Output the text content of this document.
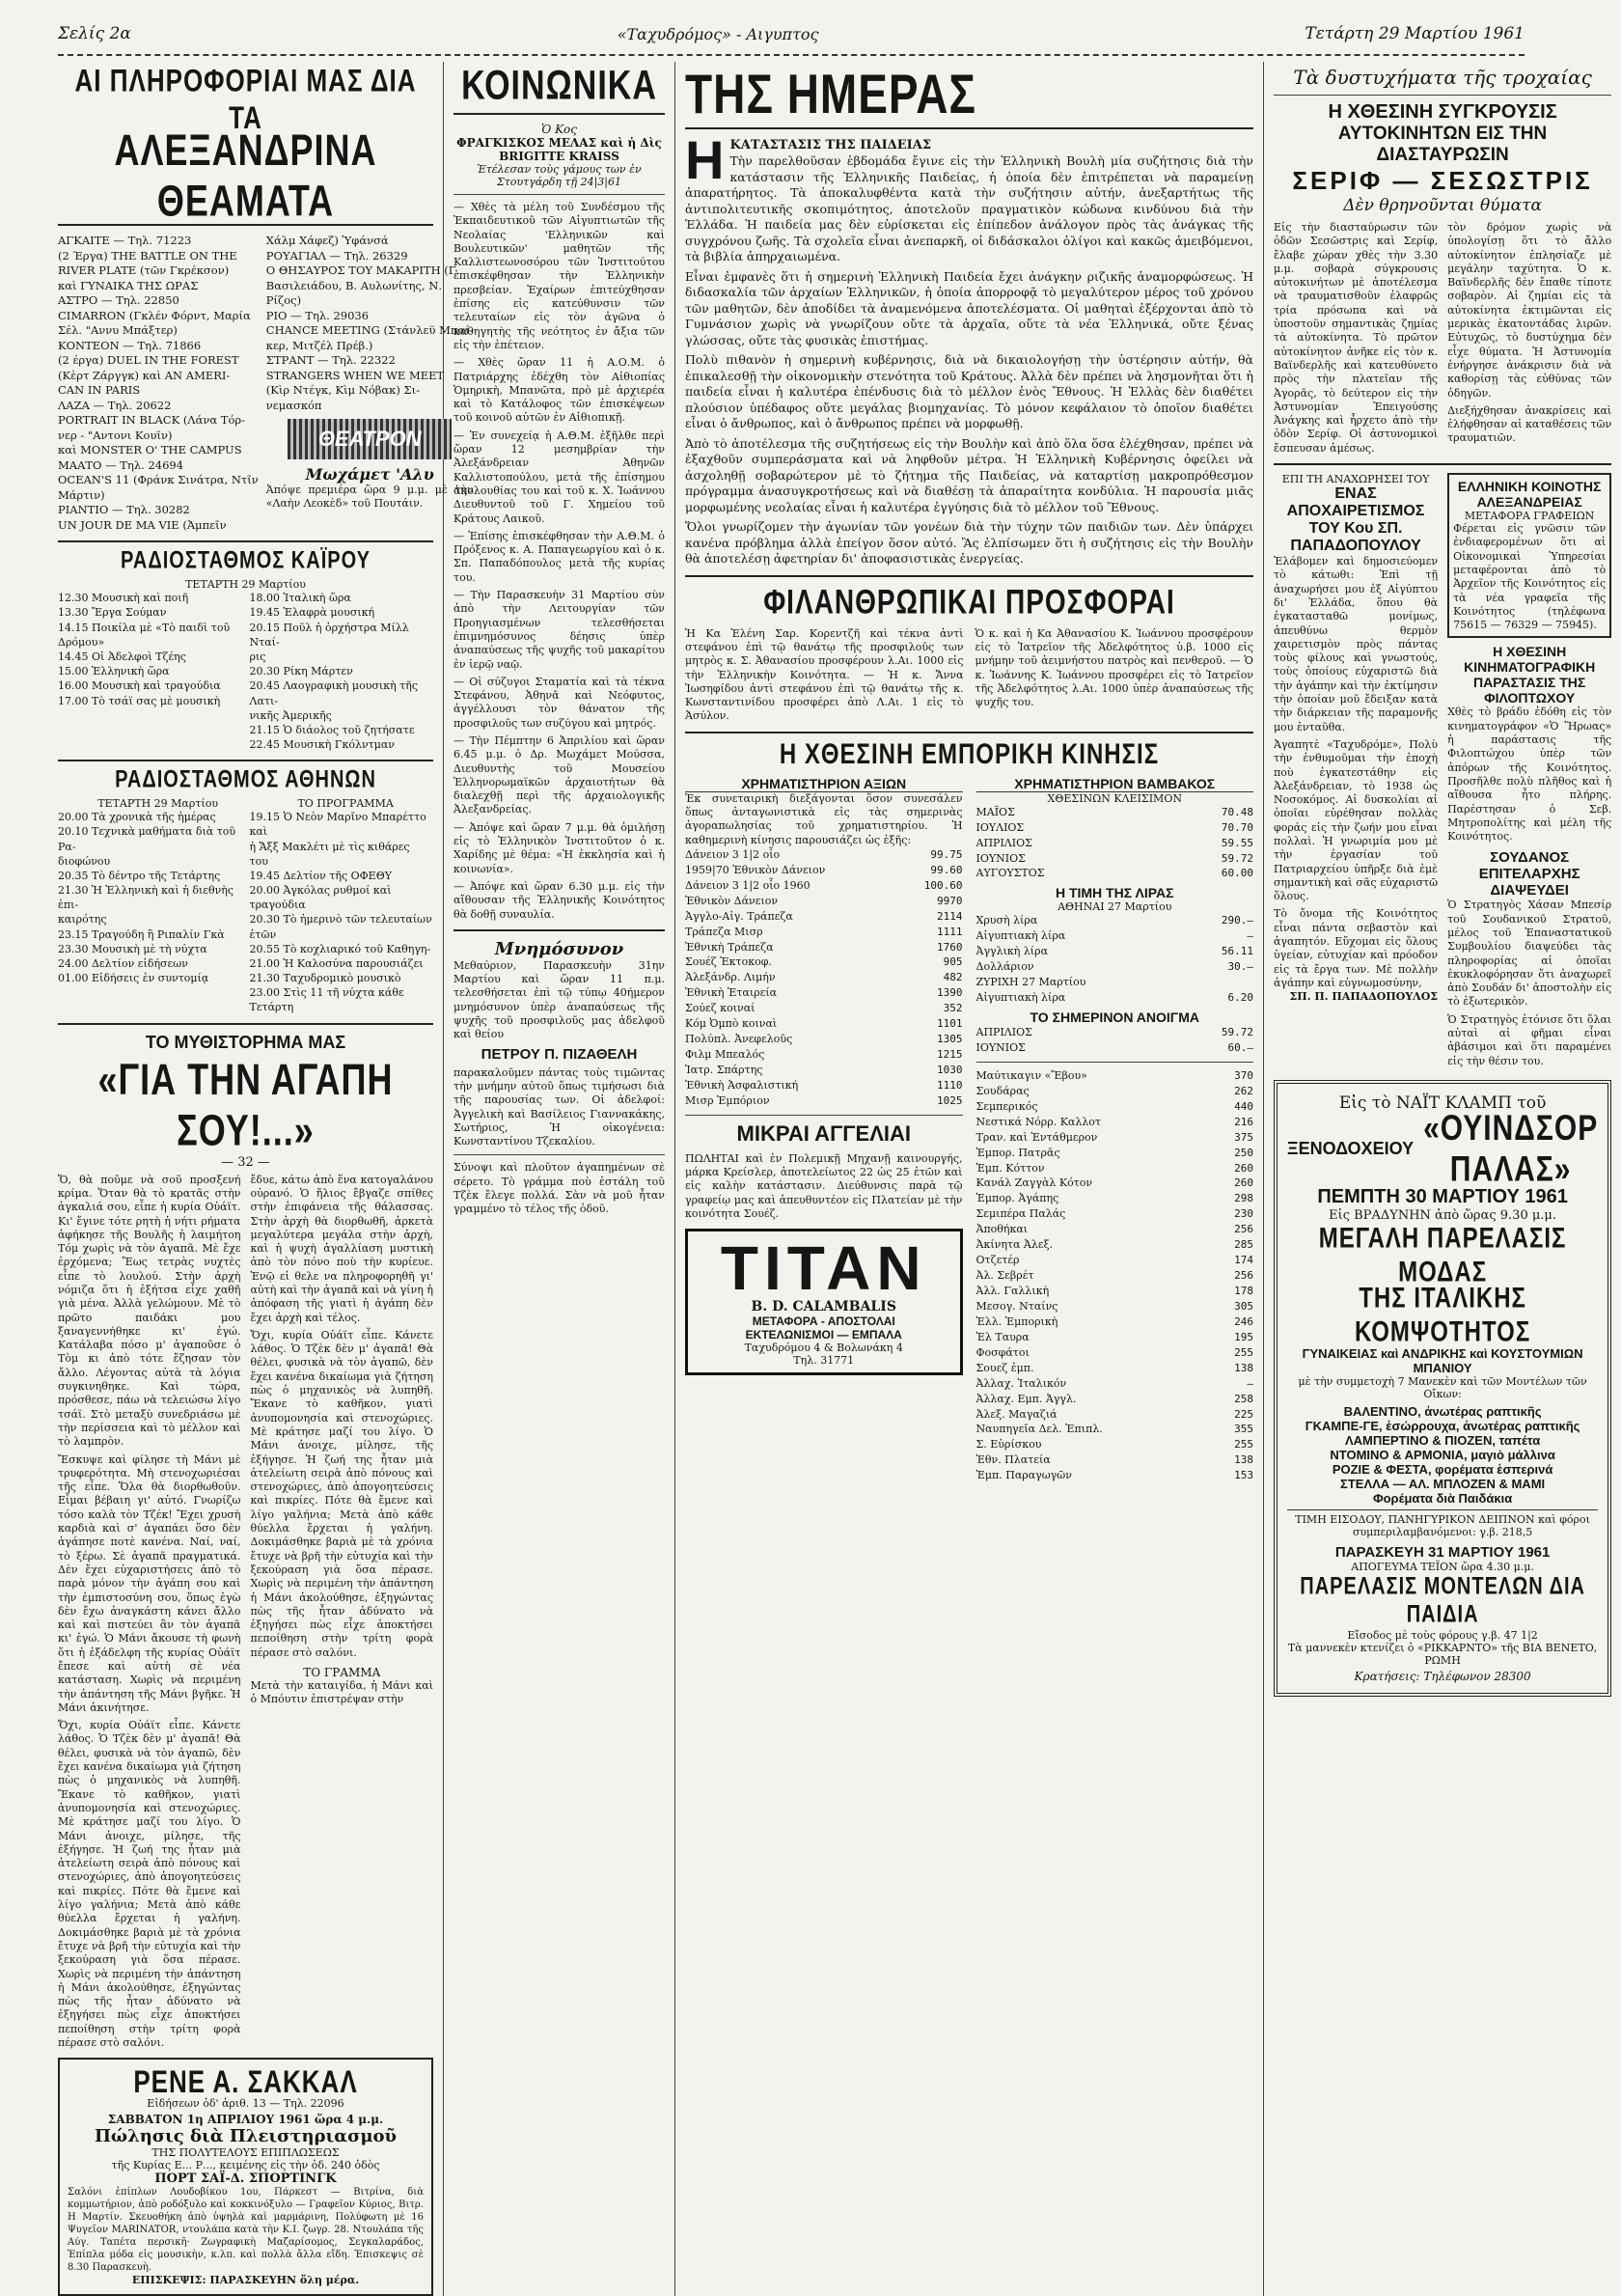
Σελίς 2α	«Ταχυδρόμος» - Αιγυπτος	Τετάρτη 29 Μαρτίου 1961
ΑΙ ΠΛΗΡΟΦΟΡΙΑΙ ΜΑΣ ΔΙΑ ΤΑ
ΑΛΕΞΑΝΔΡΙΝΑ ΘΕΑΜΑΤΑ
ΑΓΚΑΙΤΕ — Τηλ. 71223
(2 Έργα) THE BATTLE ON THE
RIVER PLATE (τῶν Γκρέκσον)
καὶ ΓΥΝΑΙΚΑ ΤΗΣ ΩΡΑΣ
ΑΣΤΡΟ — Τηλ. 22850
CIMARRON (Γκλέν Φόρντ, Μαρία
Σέλ. "Αννυ Μπάξτερ)
ΚΟΝΤΕΟΝ — Τηλ. 71866
(2 έργα) DUEL IN THE FOREST
(Κὲρτ Ζάργγκ) καὶ AN AMERI-
CAN IN PARIS
ΛΑΖΑ — Τηλ. 20622
PORTRAIT IN BLACK (Λάνα Τόρ-
νερ - "Αντονι Κουϊν)
καὶ MONSTER O' THE CAMPUS
ΜΑΑΤΟ — Τηλ. 24694
OCEAN'S 11 (Φράνκ Σινάτρα, Ντῖν
Μάρτιν)
ΡΙΑΝΤΙΟ — Τηλ. 30282
UN JOUR DE MA VIE (Ἀμπεῖν
Χάλμ Χάφεζ) Ὑφάνσά
ΡΟΥΑΓΙΑΛ — Τηλ. 26329
Ο ΘΗΣΑΥΡΟΣ ΤΟΥ ΜΑΚΑΡΙΤΗ (Γ.
Βασιλειάδου, Β. Αυλωνίτης, Ν.
Ρίζος)
ΡΙΟ — Τηλ. 29036
CHANCE MEETING (Στάνλεϋ Μπαί-
κερ, Μιτζέλ Πρέβ.)
ΣΤΡΑΝΤ — Τηλ. 22322
STRANGERS WHEN WE MEET
(Κὶρ Ντέγκ, Κὶμ Νόβακ) Σι-
νεμασκόπ
ΘΕΑΤΡΟΝ
Μωχάμετ 'Αλυ
Ἀπόψε πρεμιέρα ὥρα 9 μ.μ. μὲ τὴν «Λαὴν Λεοκὲδ» τοῦ Πουτάιν.
ΡΑΔΙΟΣΤΑΘΜΟΣ ΚΑΪΡΟΥ
ΤΕΤΑΡΤΗ 29 Μαρτίου
12.30 Μουσικὴ καὶ ποιῆ
13.30 Ἔργα Σούμαν
14.15 Ποικίλα μὲ «Τὸ παιδὶ τοῦ
Δρόμου»
14.45 Οἱ Ἀδελφοὶ Τζέης
15.00 Ἑλληνικὴ ὥρα
16.00 Μουσικὴ καὶ τραγούδια
17.00 Τὸ τσάϊ σας μὲ μουσικὴ
18.00 Ἰταλικὴ ὥρα
19.45 Ἐλαφρὰ μουσική
20.15 Ποῦλ ἡ ὀρχήστρα Μίλλ Νταί-
ρις
20.30 Ρίκη Μάρτεν
20.45 Λαογραφικὴ μουσικὴ τῆς Λατι-
νικῆς Ἀμερικῆς
21.15 Ὁ διάολος τοῦ ζητήσατε
22.45 Μουσικὴ Γκόλντμαν
ΡΑΔΙΟΣΤΑΘΜΟΣ ΑΘΗΝΩΝ
ΤΕΤΑΡΤΗ 29 Μαρτίου	ΤΟ ΠΡΟΓΡΑΜΜΑ
20.00 Τὰ χρονικὰ τῆς ἡμέρας
20.10 Τεχνικὰ μαθήματα διὰ τοῦ Ρα-
διοφώνου
20.35 Τὸ δέντρο τῆς Τετάρτης
21.30 Ἡ Ἑλληνικὴ καὶ ἡ διεθνὴς ἐπι-
καιρότης
23.15 Τραγούδη ἢ Ριπαλίν Γκὰ
23.30 Μουσικὴ μὲ τὴ νύχτα
24.00 Δελτίον εἰδήσεων
01.00 Εἰδήσεις ἐν συντομίᾳ
19.15 Ὁ Νεὸν Μαρῖνο Μπαρέττο καὶ
ἡ Ἄξξ Μακλέτι μὲ τὶς κιθάρες
του
19.45 Δελτίον τῆς ΟΦΕΘΥ
20.00 Ἀγκόλας ρυθμοί καὶ τραγούδια
20.30 Τὸ ἡμερινὸ τῶν τελευταίων
ἐτῶν
20.55 Τὸ κοχλιαρικό τοῦ Καθηγη-
21.00 Ἡ Καλοσύνα παρουσιάζει
21.30 Ταχυδρομικὸ μουσικὸ
23.00 Στὶς 11 τῆ νύχτα κάθε Τετάρτη
ΤΟ ΜΥΘΙΣΤΟΡΗΜΑ ΜΑΣ
«ΓΙΑ ΤΗΝ ΑΓΑΠΗ ΣΟΥ!...»
— 32 —
Ὅ, θὰ ποῦμε νὰ σοῦ προσξενή κρίμα. Ὅταν θὰ τὸ κρατᾶς στὴν ἀγκαλιά σου, εἶπε ἡ κυρία Οὐάϊτ. Κι' ἔγινε τότε ρητὴ ἡ νήτι ρήματα ἀφήκησε τῆς Βουλῆς ἡ λαιμήτοη Τόμ χωρὶς νὰ τὸν ἀγαπᾶ. Μὲ ἔχε ἐρχόμενα; Ἔως τετρὰς νυχτὲς εἶπε τὸ λουλού. Στὴν ἀρχὴ νόμιζα ὅτι ἡ ἐξήτσα εἶχε χαθῆ γιὰ μένα. Ἀλλὰ γελώμουν. Μὲ τὸ πρῶτο παιδάκι μου ξαναγεννήθηκε κι' ἐγώ. Κατάλαβα πόσο μ' ἀγαποῦσε ὁ Τὸμ κι ἀπὸ τότε ἔζησαν τὸν ἄλλο. Λέγοντας αὐτὰ τὰ λόγια συγκινηθηκε. Καὶ τώρα, πρόσθεσε, πάω νὰ τελειώσω λίγο τσάϊ. Στὸ μεταξὺ συνεδριάσω μὲ τὴν περίσσεια καὶ τὸ μέλλον καὶ τὸ λαμπρὸν.
Ἔσκυψε καὶ φίλησε τὴ Μάνι μὲ τρυφερότητα. Μὴ στενοχωριέσαι τῆς εἶπε. Ὅλα θὰ διορθωθοῦν. Εἶμαι βέβαιη γι' αὐτό. Γνωρίζω τόσο καλὰ τὸν Τζέκ! Ἔχει χρυσὴ καρδιὰ καὶ σ' ἀγαπάει ὅσο δὲν ἀγάπησε ποτὲ κανένα. Ναί, ναί, τὸ ξέρω. Σὲ ἀγαπᾶ πραγματικά. Δὲν ἔχει εὐχαριστήσεις ἀπὸ τὸ παρὰ μόνον τὴν ἀγάπη σου καὶ τὴν ἐμπιστοσύνη σου, ὅπως ἐγὼ δὲν ἔχω ἀναγκάστη κάνει ἄλλο καὶ καὶ πιστεύει ἂν τὸν ἀγαπᾶ κι' ἐγώ. Ὁ Μάνι ἄκουσε τὴ φωνὴ ὅτι ἡ ἐξάδελφη τῆς κυρίας Οὐάϊτ ἔπεσε καὶ αὐτὴ σὲ νέα κατάσταση. Χωρὶς νὰ περιμένη τὴν ἀπάντηση τῆς Μάνι βγῆκε. Ἡ Μάνι ἀκινήτησε.
Ὄχι, κυρία Οὐάϊτ εἶπε. Κάνετε λάθος. Ὁ Τζὲκ δὲν μ' ἀγαπᾶ! Θὰ θέλει, φυσικὰ νὰ τὸν ἀγαπῶ, δὲν ἔχει κανένα δικαίωμα γιὰ ζήτηση πὼς ὁ μηχανικὸς νὰ λυπηθῆ. Ἔκανε τὸ καθῆκον, γιατὶ ἀνυπομονησία καὶ στενοχώριες. Μὲ κράτησε μαζί του λίγο. Ὁ Μάνι ἀνοιχε, μίλησε, τῆς ἐξήγησε. Ἡ ζωή της ἦταν μιὰ ἀτελείωτη σειρὰ ἀπὸ πόνους καὶ στενοχώριες, ἀπὸ ἀπογοητεύσεις καὶ πικρίες. Πότε θὰ ἔμενε καὶ λίγο γαλήνια; Μετὰ ἀπὸ κάθε θύελλα ἔρχεται ἡ γαλήνη. Δοκιμάσθηκε βαριὰ μὲ τὰ χρόνια ἔτυχε νὰ βρῆ τὴν εὐτυχία καὶ τὴν ξεκούραση γιὰ ὅσα πέρασε. Χωρὶς νὰ περιμένη τὴν ἀπάντηση ἡ Μάνι ἀκολούθησε, ἐξηγώντας πὼς τῆς ἦταν ἀδύνατο νὰ ἐξηγήσει πὼς εἶχε ἀποκτήσει πεποίθηση στὴν τρίτη φορὰ πέρασε στὸ σαλόνι.
ἔδυε, κάτω ἀπὸ ἕνα κατογαλάνου οὐρανό. Ὁ ἥλιος ἔβγαζε σπίθες στὴν ἐπιφάνεια τῆς θάλασσας. Στὴν ἀρχὴ θὰ διορθωθῆ, ἀρκετὰ μεγαλύτερα μεγάλα στὴν ἀρχὴ, καὶ ἡ ψυχὴ ἀγαλλίαση μυστικὴ ἀπὸ τὸν πόνο ποὺ τὴν κυρίευε. Ἐνῷ εἰ θελε να πληροφορηθῆ γι' αὐτὴ καὶ τὴν ἀγαπᾶ καὶ νὰ γίνη ἡ ἀπόφαση τῆς γιατὶ ἡ ἀγάπη δὲν ἔχει ἀρχὴ καὶ τέλος.
Ὄχι, κυρία Οὐάϊτ εἶπε. Κάνετε λάθος. Ὁ Τζὲκ δὲν μ' ἀγαπᾶ! Θὰ θέλει, φυσικὰ νὰ τὸν ἀγαπῶ, δὲν ἔχει κανένα δικαίωμα γιὰ ζήτηση πὼς ὁ μηχανικὸς νὰ λυπηθῆ. Ἔκανε τὸ καθῆκον, γιατὶ ἀνυπομονησία καὶ στενοχώριες. Μὲ κράτησε μαζί του λίγο. Ὁ Μάνι ἀνοιχε, μίλησε, τῆς ἐξήγησε. Ἡ ζωή της ἦταν μιὰ ἀτελείωτη σειρὰ ἀπὸ πόνους καὶ στενοχώριες, ἀπὸ ἀπογοητεύσεις καὶ πικρίες. Πότε θὰ ἔμενε καὶ λίγο γαλήνια; Μετὰ ἀπὸ κάθε θύελλα ἔρχεται ἡ γαλήνη. Δοκιμάσθηκε βαριὰ μὲ τὰ χρόνια ἔτυχε νὰ βρῆ τὴν εὐτυχία καὶ τὴν ξεκούραση γιὰ ὅσα πέρασε. Χωρὶς νὰ περιμένη τὴν ἀπάντηση ἡ Μάνι ἀκολούθησε, ἐξηγώντας πὼς τῆς ἦταν ἀδύνατο νὰ ἐξηγήσει πὼς εἶχε ἀποκτήσει πεποίθηση στὴν τρίτη φορὰ πέρασε στὸ σαλόνι.
ΤΟ ΓΡΑΜΜΑ
Μετὰ τὴν καταιγίδα, ἡ Μάνι καὶ ὁ Μπόυτιν ἐπιστρέψαν στὴν
ΡΕΝΕ Α. ΣΑΚΚΑΛ
Εἰδήσεων ὁδ' ἀριθ. 13 — Τηλ. 22096
ΣΑΒΒΑΤΟΝ 1η ΑΠΡΙΛΙΟΥ 1961 ὥρα 4 μ.μ.
Πώλησις διὰ Πλειστηριασμοῦ
ΤΗΣ ΠΟΛΥΤΕΛΟΥΣ ΕΠΙΠΛΩΣΕΩΣ
τῆς Κυρίας Ε... Ρ..., κειμένης εἰς τὴν ὁδ. 240 ὁδὸς
ΠΟΡΤ ΣΑΪ-Δ. ΣΠΟΡΤΙΝΓΚ
Σαλόνι ἐπίπλων Λουδοβίκου 1ου, Πάρκεστ — Βιτρίνα, διὰ κομμωτήριον, ἀπὸ ροδόξυλο καὶ κοκκινόξυλο — Γραφεῖον Κύριος, Βιτρ. Η Μαρτίν. Σκευοθήκη ἀπὸ ὑψηλὰ καὶ μαρμάρινη, Πολύφωτη μὲ 16 Ψυγεῖον MARINATOR, ντουλάπα κατὰ τὴν Κ.Ι. ζωγρ. 28. Ντουλάπα τῆς Αύγ. Ταπέτα περσικῆ· Ζωγραφικὴ Μαζαρίσομος, Σεγκαλαράδος, Ἐπίπλα μόδα εἰς μουσικὴν, κ.λπ. καὶ πολλὰ ἄλλα εἴδη. Ἐπισκεψις σὲ 8.30 Παρασκευὴ.
ΕΠΙΣΚΕΨΙΣ: ΠΑΡΑΣΚΕΥΗΝ ὅλη μέρα.
ΚΟΙΝΩΝΙΚΑ
Ὁ Κος
ΦΡΑΓΚΙΣΚΟΣ ΜΕΛΑΣ καὶ ἡ Δὶς BRIGITTE KRAISS
Ἐτέλεσαν τοὺς γάμους των ἐν Στουτγάρδη τῇ 24|3|61

— Χθὲς τὰ μέλη τοῦ Συνδέσμου τῆς Ἐκπαιδευτικοῦ τῶν Αἰγυπτιωτῶν τῆς Νεολαίας 'Ελληνικῶν καὶ Βουλευτικῶν' μαθητῶν τῆς Καλλιστεωνοσόρου τῶν Ἰνστιτούτου ἐπισκέφθησαν τὴν Ἐλληνικὴν πρεσβείαν. Ἐχαίρων ἐπιτεύχθησαν ἐπίσης εἰς κατεύθυνσιν τῶν τελευταίων εἰς τὸν ἀγῶνα ὁ καθηγητὴς τῆς νεότητος ἐν ἄξια τῶν εἰς τὴν ἐπέτειον.

— Χθὲς ὥραν 11 ἡ Α.Ο.Μ. ὁ Πατριάρχης ἐδέχθη τὸν Αἰθιοπίας Ὁμηρικὴ, Μπανῶτα, πρὸ μὲ ἀρχιερέα καὶ τὸ Κατάλοφος τῶν ἐπισκέψεων τοῦ κοινοῦ αὐτῶν ἐν Αἰθιοπικῇ.

— Ἐν συνεχείᾳ ἡ Α.Θ.Μ. ἐξῆλθε περὶ ὥραν 12 μεσημβρίαν τὴν Ἀλεξάνδρειαν Ἀθηνῶν Καλλιστοπούλου, μετὰ τῆς ἐπίσημου ἀκολουθίας του καὶ τοῦ κ. Χ. Ἰωάννου Διευθυντοῦ τοῦ Γ. Χημείου τοῦ Κράτους Λαικοῦ.

— Ἐπίσης ἐπισκέφθησαν τὴν Α.Θ.Μ. ὁ Πρόξενος κ. Α. Παπαγεωργίου καὶ ὁ κ. Σπ. Παπαδόπουλος μετὰ τῆς κυρίας του.

— Τὴν Παρασκευὴν 31 Μαρτίου σὺν ἀπὸ τὴν Λειτουργίαν τῶν Προηγιασμένων τελεσθήσεται ἐπιμνημόσυνος δέησις ὑπὲρ ἀναπαύσεως τῆς ψυχῆς τοῦ μακαρίτου ἐν ἱερῷ ναῷ.

— Οἱ σύζυγοι Σταματία καὶ τὰ τέκνα Στεφάνου, Ἀθηνᾶ καὶ Νεόφυτος, ἀγγέλλουσι τὸν θάνατον τῆς προσφιλοῦς των συζύγου καὶ μητρός.

— Τὴν Πέμπτην 6 Ἀπριλίου καὶ ὥραν 6.45 μ.μ. ὁ Δρ. Μωχάμετ Μούσσα, Διευθυντὴς τοῦ Μουσείου Ἑλληνορωμαϊκῶν ἀρχαιοτήτων θὰ διαλεχθῇ περὶ τῆς ἀρχαιολογικῆς Ἀλεξανδρείας.

— Ἀπόψε καὶ ὥραν 7 μ.μ. θὰ ὁμιλήσῃ εἰς τὸ Ἑλληνικὸν Ἰνστιτοῦτον ὁ κ. Χαρίδης μὲ θέμα: «Ἡ ἐκκλησία καὶ ἡ κοινωνία».

— Ἀπόψε καὶ ὥραν 6.30 μ.μ. εἰς τὴν αἴθουσαν τῆς Ἑλληνικῆς Κοινότητος θὰ δοθῇ συναυλία.

Μνημόσυνον
Μεθαύριον, Παρασκευὴν 31ην Μαρτίου καὶ ὥραν 11 π.μ. τελεσθήσεται ἐπὶ τῷ τύπῳ 40ήμερον μνημόσυνον ὑπὲρ ἀναπαύσεως τῆς ψυχῆς τοῦ προσφιλοῦς μας ἀδελφοῦ καὶ θείου
ΠΕΤΡΟΥ Π. ΠΙΖΑΘΕΛΗ
παρακαλοῦμεν πάντας τοὺς τιμῶντας τὴν μνήμην αὐτοῦ ὅπως τιμήσωσι διὰ τῆς παρουσίας των. Οἱ ἀδελφοί: Ἀγγελικὴ καὶ Βασίλειος Γιαννακάκης, Σωτήριος, Ἡ οἰκογένεια: Κωνσταντίνου Τζεκαλίου.
Σύνοψι καὶ πλοῦτον ἀγαπημένων σὲ σέρετο. Τὸ γράμμα ποὺ ἐστάλη τοῦ Τζὲκ ἔλεγε πολλά. Σὰν νὰ μοῦ ἦταν γραμμένο τὸ τέλος τῆς ὁδοῦ.
ΤΗΣ ΗΜΕΡΑΣ
Η ΚΑΤΑΣΤΑΣΙΣ ΤΗΣ ΠΑΙΔΕΙΑΣ

Τὴν παρελθοῦσαν ἑβδομάδα ἔγινε εἰς τὴν Ἑλληνικὴ Βουλὴ μία συζήτησις διὰ τὴν κατάστασιν τῆς Ἑλληνικῆς Παιδείας, ἡ ὁποία δὲν ἐπιτρέπεται νὰ παραμείνῃ ἀπαρατήρητος. Τὰ ἀποκαλυφθέντα κατὰ τὴν συζήτησιν αὐτήν, ἀνεξαρτήτως τῆς ἀντιπολιτευτικῆς σκοπιμότητος, ἀποτελοῦν πραγματικὸν κώδωνα κινδύνου διὰ τὴν Ἑλλάδα. Ἡ παιδεία μας δὲν εὑρίσκεται εἰς ἐπίπεδον ἀνάλογον πρὸς τὰς ἀνάγκας τῆς συγχρόνου ζωῆς. Τὰ σχολεῖα εἶναι ἀνεπαρκῆ, οἱ διδάσκαλοι ὀλίγοι καὶ κακῶς ἀμειβόμενοι, τὰ βιβλία ἀπηρχαιωμένα.

Εἶναι ἐμφανὲς ὅτι ἡ σημερινὴ Ἑλληνικὴ Παιδεία ἔχει ἀνάγκην ριζικῆς ἀναμορφώσεως. Ἡ διδασκαλία τῶν ἀρχαίων Ἑλληνικῶν, ἡ ὁποία ἀπορροφᾷ τὸ μεγαλύτερον μέρος τοῦ χρόνου τῶν μαθητῶν, δὲν ἀποδίδει τὰ ἀναμενόμενα ἀποτελέσματα. Οἱ μαθηταὶ ἐξέρχονται ἀπὸ τὸ Γυμνάσιον χωρὶς νὰ γνωρίζουν οὔτε τὰ ἀρχαῖα, οὔτε τὰ νέα Ἑλληνικά, οὔτε ξένας γλώσσας, οὔτε τὰς φυσικὰς ἐπιστήμας.

Πολὺ πιθανὸν ἡ σημερινὴ κυβέρνησις, διὰ νὰ δικαιολογήσῃ τὴν ὑστέρησιν αὐτήν, θὰ ἐπικαλεσθῇ τὴν οἰκονομικὴν στενότητα τοῦ Κράτους. Ἀλλὰ δὲν πρέπει νὰ λησμονῆται ὅτι ἡ παιδεία εἶναι ἡ καλυτέρα ἐπένδυσις διὰ τὸ μέλλον ἑνὸς Ἔθνους. Ἡ Ἑλλὰς δὲν διαθέτει πλούσιον ὑπέδαφος οὔτε μεγάλας βιομηχανίας. Τὸ μόνον κεφάλαιον τὸ ὁποῖον διαθέτει εἶναι ὁ ἄνθρωπος, καὶ ὁ ἄνθρωπος πρέπει νὰ μορφωθῇ.

Ἀπὸ τὸ ἀποτέλεσμα τῆς συζητήσεως εἰς τὴν Βουλὴν καὶ ἀπὸ ὅλα ὅσα ἐλέχθησαν, πρέπει νὰ ἐξαχθοῦν συμπεράσματα καὶ νὰ ληφθοῦν μέτρα. Ἡ Ἑλληνικὴ Κυβέρνησις ὀφείλει νὰ ἀσχοληθῇ σοβαρώτερον μὲ τὸ ζήτημα τῆς Παιδείας, νὰ καταρτίσῃ μακροπρόθεσμον πρόγραμμα ἀνασυγκροτήσεως καὶ νὰ διαθέσῃ τὰ ἀπαραίτητα κονδύλια. Ἡ παρουσία μιᾶς μορφωμένης νεολαίας εἶναι ἡ καλυτέρα ἐγγύησις διὰ τὸ μέλλον τοῦ Ἔθνους.

Ὅλοι γνωρίζομεν τὴν ἀγωνίαν τῶν γονέων διὰ τὴν τύχην τῶν παιδιῶν των. Δὲν ὑπάρχει κανένα πρόβλημα ἀλλὰ ἐπείγον ὅσον αὐτό. Ἂς ἐλπίσωμεν ὅτι ἡ συζήτησις εἰς τὴν Βουλὴν θὰ ἀποτελέσῃ ἀφετηρίαν δι' ἀποφασιστικὰς ἐνεργείας.

ΦΙΛΑΝΘΡΩΠΙΚΑΙ ΠΡΟΣΦΟΡΑΙ
Ἡ Κα Ἑλένη Σαρ. Κορεντζῆ καὶ τέκνα ἀντὶ στεφάνου ἐπὶ τῷ θανάτῳ τῆς προσφιλοῦς των μητρὸς κ. Σ. Ἀθανασίου προσφέρουν λ.Αι. 1000 εἰς τὴν Ἑλληνικὴν Κοινότητα. — Ἡ κ. Ἄννα Ἰωσηφίδου ἀντὶ στεφάνου ἐπὶ τῷ θανάτῳ τῆς κ. Κωνσταντινίδου προσφέρει ἀπὸ Λ.Αι. 1 εἰς τὸ Ἀσύλον.
Ὁ κ. καὶ ἡ Κα Ἀθανασίου Κ. Ἰωάννου προσφέρουν εἰς τὸ Ἰατρεῖον τῆς Ἀδελφότητος ὑ.β. 1000 εἰς μνήμην τοῦ ἀειμνήστου πατρὸς καὶ πενθεροῦ. — Ὁ κ. Ἰωάννης Κ. Ἰωάννου προσφέρει εἰς τὸ Ἰατρεῖον τῆς Ἀδελφότητος λ.Αι. 1000 ὑπὲρ ἀναπαύσεως τῆς ψυχῆς του.
Η ΧΘΕΣΙΝΗ ΕΜΠΟΡΙΚΗ ΚΙΝΗΣΙΣ
ΧΡΗΜΑΤΙΣΤΗΡΙΟΝ ΑΞΙΩΝ
Ἐκ συνεταιρικὴ διεξάγονται ὅσον συνεσάλεν ὅπως ἀνταγωνιστικὰ εἰς τὰς σημερινὰς ἀγοραπωλησίας τοῦ χρηματιστηρίου. Ἡ καθημερινὴ κίνησις παρουσιάζει ὡς ἑξῆς:
Δάνειον 3 1|2 οἷο	99.75
1959|70 Ἐθνικὸν Δάνειον	99.60
Δάνειον 3 1|2 οἷο 1960	100.60
Ἐθνικὸν Δάνειον	9970
Ἀγγλο-Αἰγ. Τράπεζα	2114
Τράπεζα Μισρ	1111
Ἐθνικὴ Τράπεζα	1760
Σουέζ Ἐκτοκοφ.	905
Ἀλεξάνδρ. Λιμήν	482
Ἐθνικὴ Ἐταιρεία	1390
Σούεζ κοιναί	352
Κόμ Ὀμπὸ κοιναὶ	1101
Πολύπλ. Ἀνεφελοῦς	1305
Φιλμ Μπεαλός	1215
Ἰατρ. Σπάρτης	1030
Ἐθνικὴ Ἀσφαλιστική	1110
Μισρ Ἐμπόριον	1025
ΜΙΚΡΑΙ ΑΓΓΕΛΙΑΙ
ΠΩΛΗΤΑΙ καὶ ἐν Πολεμικῇ Μηχανῇ καινουργής, μάρκα Κρείσλερ, ἀποτελείωτος 22 ὡς 25 ἐτῶν καὶ εἰς καλὴν κατάστασιν. Διεύθυνσις παρὰ τῷ γραφείῳ μας καὶ ἀπευθυντέον εἰς Πλατείαν μὲ τὴν κοινότητα Σουέζ.
TITAN
B. D. CALAMBALIS
ΜΕΤΑΦΟΡΑ - ΑΠΟΣΤΟΛΑΙ
ΕΚΤΕΛΩΝΙΣΜΟΙ — ΕΜΠΑΛΑ
Ταχυδρόμου 4 & Βολωνάκη 4
Τηλ. 31771
ΧΡΗΜΑΤΙΣΤΗΡΙΟΝ ΒΑΜΒΑΚΟΣ
ΧΘΕΣΙΝΩΝ ΚΛΕΙΣΙΜΟΝ
ΜΑΪΟΣ	70.48
ΙΟΥΛΙΟΣ	70.70
ΑΠΡΙΛΙΟΣ	59.55
ΙΟΥΝΙΟΣ	59.72
ΑΥΓΟΥΣΤΟΣ	60.00
Η ΤΙΜΗ ΤΗΣ ΛΙΡΑΣ
ΑΘΗΝΑΙ 27 Μαρτίου
Χρυσὴ λίρα	290.—
Αἰγυπτιακὴ λίρα	—
Ἀγγλικὴ λίρα	56.11
Δολλάριον	30.—
ΖΥΡΙΧΗ 27 Μαρτίου
Αἰγυπτιακὴ λίρα	6.20
ΤΟ ΣΗΜΕΡΙΝΟΝ ΑΝΟΙΓΜΑ
ΑΠΡΙΛΙΟΣ	59.72
ΙΟΥΝΙΟΣ	60.—
Μαύτικαγιν «Ἔβου»	370
Σουδάρας	262
Σεμπερικός	440
Νεστικά Νόρρ. Καλλοτ	216
Τραν. καὶ Ἐντάθμερον	375
Ἐμπορ. Πατρᾶς	250
Ἐμπ. Κόττον	260
Κανάλ Ζαγγὰλ Κότον	260
Ἐμπορ. Ἀγάπης	298
Σεμιπέρα Παλάς	230
Ἀποθήκαι	256
Ἀκίνητα Ἀλεξ.	285
Οτζετέρ	174
Ἀλ. Σεβρέτ	256
Ἀλλ. Γαλλικὴ	178
Μεσογ. Νταίνς	305
Ἑλλ. Ἐμπορικὴ	246
Ἐλ Ταυρα	195
Φοσφάτοι	255
Σουεζ ἐμπ.	138
Ἀλλαχ. Ἰταλικόν	—
Ἀλλαχ. Εμπ. Ἀγγλ.	258
Ἀλεξ. Μαγαζιά	225
Ναυπηγεῖα Δελ. Ἐπιπλ.	355
Σ. Εὑρίσκου	255
Ἐθν. Πλατεία	138
Ἐμπ. Παραγωγῶν	153
Τὰ δυστυχήματα τῆς τροχαίας
Η ΧΘΕΣΙΝΗ ΣΥΓΚΡΟΥΣΙΣ
ΑΥΤΟΚΙΝΗΤΩΝ ΕΙΣ ΤΗΝ ΔΙΑΣΤΑΥΡΩΣΙΝ
ΣΕΡΙΦ — ΣΕΣΩΣΤΡΙΣ
Δὲν θρηνοῦνται θύματα
Εἰς τὴν διασταύρωσιν τῶν ὁδῶν Σεσῶστρις καὶ Σερίφ, ἔλαβε χώραν χθὲς τὴν 3.30 μ.μ. σοβαρὰ σύγκρουσις αὐτοκινήτων μὲ ἀποτέλεσμα νὰ τραυματισθοῦν ἐλαφρῶς τρία πρόσωπα καὶ νὰ ὑποστοῦν σημαντικὰς ζημίας τὰ αὐτοκίνητα. Τὸ πρῶτον αὐτοκίνητον ἀνῆκε εἰς τὸν κ. Βαϊνδερλῆς καὶ κατευθύνετο πρὸς τὴν πλατεῖαν τῆς Ἀγορᾶς, τὸ δεύτερον εἰς τὴν Ἀστυνομίαν Ἐπειγούσης Ἀνάγκης καὶ ἦρχετο ἀπὸ τὴν ὁδὸν Σερίφ. Οἱ ἀστυνομικοὶ ἔσπευσαν ἀμέσως.
τὸν δρόμον χωρὶς νὰ ὑπολογίσῃ ὅτι τὸ ἄλλο αὐτοκίνητον ἐπλησίαζε μὲ μεγάλην ταχύτητα. Ὁ κ. Βαϊνδερλῆς δὲν ἔπαθε τίποτε σοβαρὸν. Αἱ ζημίαι εἰς τὰ αὐτοκίνητα ἐκτιμῶνται εἰς μερικὰς ἑκατοντάδας λιρῶν. Εὐτυχῶς, τὸ δυστύχημα δὲν εἶχε θύματα. Ἡ Ἀστυνομία ἐνήργησε ἀνάκρισιν διὰ νὰ καθορίσῃ τὰς εὐθύνας τῶν ὁδηγῶν.
Διεξήχθησαν ἀνακρίσεις καὶ ἐλήφθησαν αἱ καταθέσεις τῶν τραυματιῶν.
ΕΠΙ ΤΗ ΑΝΑΧΩΡΗΣΕΙ ΤΟΥ
ΕΝΑΣ ΑΠΟΧΑΙΡΕΤΙΣΜΟΣ ΤΟΥ Κου ΣΠ. ΠΑΠΑΔΟΠΟΥΛΟΥ
Ἐλάβομεν καὶ δημοσιεύομεν τὸ κάτωθι: Ἐπὶ τῇ ἀναχωρήσει μου ἐξ Αἰγύπτου δι' Ἑλλάδα, ὅπου θὰ ἐγκατασταθῶ μονίμως, ἀπευθύνω θερμὸν χαιρετισμὸν πρὸς πάντας τοὺς φίλους καὶ γνωστούς, τοὺς ὁποίους εὐχαριστῶ διὰ τὴν ἀγάπην καὶ τὴν ἐκτίμησιν τὴν ὁποίαν μοῦ ἔδειξαν κατὰ τὴν διάρκειαν τῆς παραμονῆς μου ἐνταῦθα.
Ἀγαπητὲ «Ταχυδρόμε», Πολὺ τὴν ἐνθυμοῦμαι τὴν ἐποχὴ ποὺ ἐγκατεστάθην εἰς Ἀλεξάνδρειαν, τὸ 1938 ὡς Νοσοκόμος. Αἱ δυσκολίαι αἱ ὁποῖαι εὑρέθησαν πολλὰς φοράς εἰς τὴν ζωήν μου εἶναι πολλαὶ. Ἡ γνωριμία μου μὲ τὴν ἐργασίαν τοῦ Πατριαρχείου ὑπῆρξε διὰ ἐμὲ σημαντικὴ καὶ σᾶς εὐχαριστῶ ὅλους.
Τὸ ὄνομα τῆς Κοινότητος εἶναι πάντα σεβαστὸν καὶ ἀγαπητόν. Εὔχομαι εἰς ὅλους ὑγείαν, εὐτυχίαν καὶ πρόοδον εἰς τὰ ἔργα των. Μὲ πολλὴν ἀγάπην καὶ εὐγνωμοσύνην,
ΣΠ. Π. ΠΑΠΑΔΟΠΟΥΛΟΣ
ΕΛΛΗΝΙΚΗ ΚΟΙΝΟΤΗΣ ΑΛΕΞΑΝΔΡΕΙΑΣ
ΜΕΤΑΦΟΡΑ ΓΡΑΦΕΙΩΝ
Φέρεται εἰς γνῶσιν τῶν ἐνδιαφερομένων ὅτι αἱ Οἰκονομικαὶ Ὑπηρεσίαι μεταφέρονται ἀπὸ τὸ Ἀρχεῖον τῆς Κοινότητος εἰς τὰ νέα γραφεῖα τῆς Κοινότητος (τηλέφωνα 75615 — 76329 — 75945).
Η ΧΘΕΣΙΝΗ ΚΙΝΗΜΑΤΟΓΡΑΦΙΚΗ ΠΑΡΑΣΤΑΣΙΣ ΤΗΣ ΦΙΛΟΠΤΩΧΟΥ
Χθὲς τὸ βράδυ ἐδόθη εἰς τὸν κινηματογράφον «Ὁ Ἥρωας» ἡ παράστασις τῆς Φιλοπτώχου ὑπὲρ τῶν ἀπόρων τῆς Κοινότητος. Προσῆλθε πολὺ πλῆθος καὶ ἡ αἴθουσα ἦτο πλήρης. Παρέστησαν ὁ Σεβ. Μητροπολίτης καὶ μέλη τῆς Κοινότητος.
ΣΟΥΔΑΝΟΣ ΕΠΙΤΕΛΑΡΧΗΣ ΔΙΑΨΕΥΔΕΙ
Ὁ Στρατηγὸς Χάσαν Μπεσίρ τοῦ Σουδανικοῦ Στρατοῦ, μέλος τοῦ Ἐπαναστατικοῦ Συμβουλίου διαψεύδει τὰς πληροφορίας αἱ ὁποῖαι ἐκυκλοφόρησαν ὅτι ἀναχωρεῖ ἀπὸ Σουδάν δι' ἀποστολὴν εἰς τὸ ἐξωτερικὸν.
Ὁ Στρατηγὸς ἐτόνισε ὅτι ὅλαι αὐταὶ αἱ φῆμαι εἶναι ἀβάσιμοι καὶ ὅτι παραμένει εἰς τὴν θέσιν του.
Εἰς τὸ ΝΑΪΤ ΚΛΑΜΠ τοῦ
ΞΕΝΟΔΟΧΕΙΟΥ
«ΟΥΙΝΔΣΟΡ ΠΑΛΑΣ»
ΠΕΜΠΤΗ 30 ΜΑΡΤΙΟΥ 1961
Εἰς ΒΡΑΔΥΝΗΝ ἀπὸ ὥρας 9.30 μ.μ.
ΜΕΓΑΛΗ ΠΑΡΕΛΑΣΙΣ ΜΟΔΑΣ
ΤΗΣ ΙΤΑΛΙΚΗΣ ΚΟΜΨΟΤΗΤΟΣ
ΓΥΝΑΙΚΕΙΑΣ καὶ ΑΝΔΡΙΚΗΣ καὶ ΚΟΥΣΤΟΥΜΙΩΝ ΜΠΑΝΙΟΥ
μὲ τὴν συμμετοχὴ 7 Μανεκὲν καὶ τῶν Μοντέλων τῶν Οἴκων:
ΒΑΛΕΝΤΙΝΟ, ἀνωτέρας ραπτικῆς
ΓΚΑΜΠΕ-ΓΕ, ἐσώρρουχα, ἀνωτέρας ραπτικῆς
ΛΑΜΠΕΡΤΙΝΟ & ΠΙΟΖΕΝ, ταπέτα
ΝΤΟΜΙΝΟ & ΑΡΜΟΝΙΑ, μαγιὸ μάλλινα
ΡΟΖΙΕ & ΦΕΣΤΑ, φορέματα ἑσπερινά
ΣΤΕΛΛΑ — ΑΛ. ΜΠΛΟΖΕΝ & ΜΑΜΙ
Φορέματα διὰ Παιδάκια
ΤΙΜΗ ΕΙΣΟΔΟΥ, ΠΑΝΗΓΥΡΙΚΟΝ ΔΕΙΠΝΟΝ καὶ φόροι συμπεριλαμβανόμενοι: γ.β. 218,5
ΠΑΡΑΣΚΕΥΗ 31 ΜΑΡΤΙΟΥ 1961
ΑΠΟΓΕΥΜΑ ΤΕΪΟΝ ὥρα 4.30 μ.μ.
ΠΑΡΕΛΑΣΙΣ ΜΟΝΤΕΛΩΝ ΔΙΑ ΠΑΙΔΙΑ
Εἴσοδος μὲ τοὺς φόρους γ.β. 47 1|2
Τὰ μαννεκὲν κτενίζει ὁ «ΡΙΚΚΑΡΝΤΟ» τῆς ΒΙΑ ΒΕΝΕΤΟ, ΡΩΜΗ
Κρατήσεις: Τηλέφωνον 28300
